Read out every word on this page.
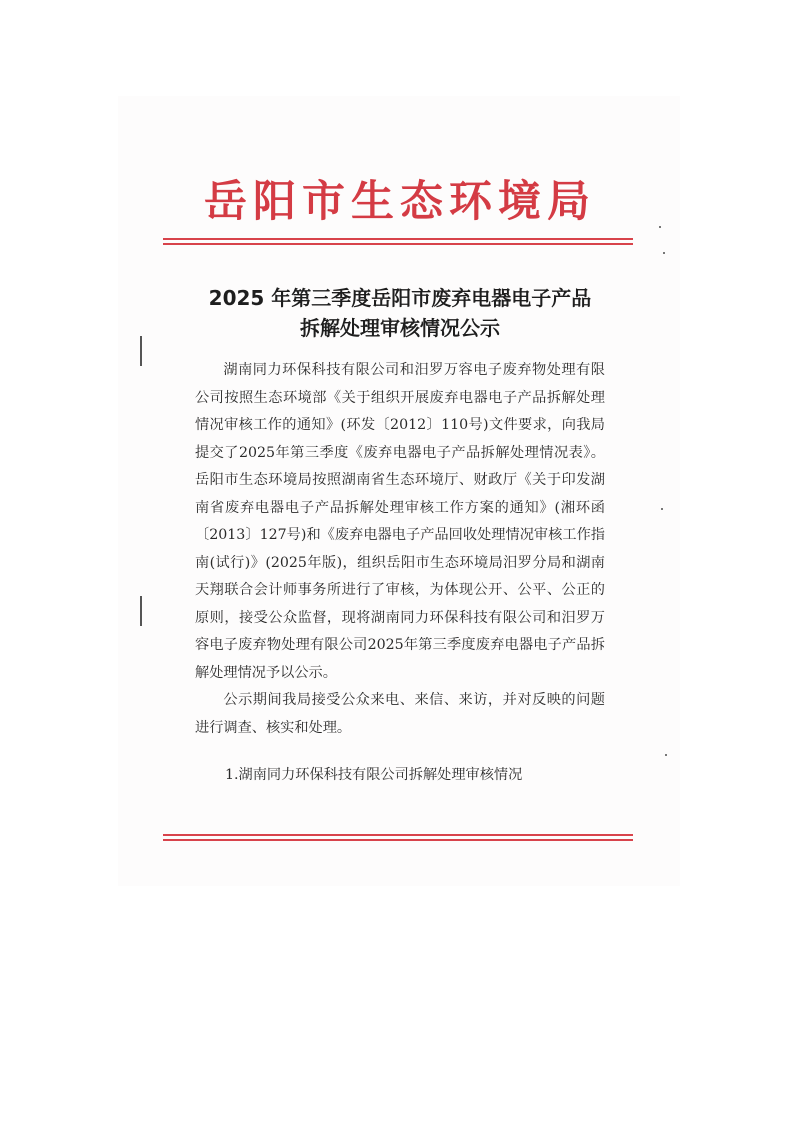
岳阳市生态环境局
2025 年第三季度岳阳市废弃电器电子产品
拆解处理审核情况公示

湖南同力环保科技有限公司和汨罗万容电子废弃物处理有限公司按照生态环境部《关于组织开展废弃电器电子产品拆解处理情况审核工作的通知》(环发〔2012〕110号)文件要求，向我局提交了2025年第三季度《废弃电器电子产品拆解处理情况表》。岳阳市生态环境局按照湖南省生态环境厅、财政厅《关于印发湖南省废弃电器电子产品拆解处理审核工作方案的通知》(湘环函〔2013〕127号)和《废弃电器电子产品回收处理情况审核工作指南(试行)》(2025年版)，组织岳阳市生态环境局汨罗分局和湖南天翔联合会计师事务所进行了审核，为体现公开、公平、公正的原则，接受公众监督，现将湖南同力环保科技有限公司和汨罗万容电子废弃物处理有限公司2025年第三季度废弃电器电子产品拆解处理情况予以公示。

公示期间我局接受公众来电、来信、来访，并对反映的问题进行调查、核实和处理。

1.湖南同力环保科技有限公司拆解处理审核情况
